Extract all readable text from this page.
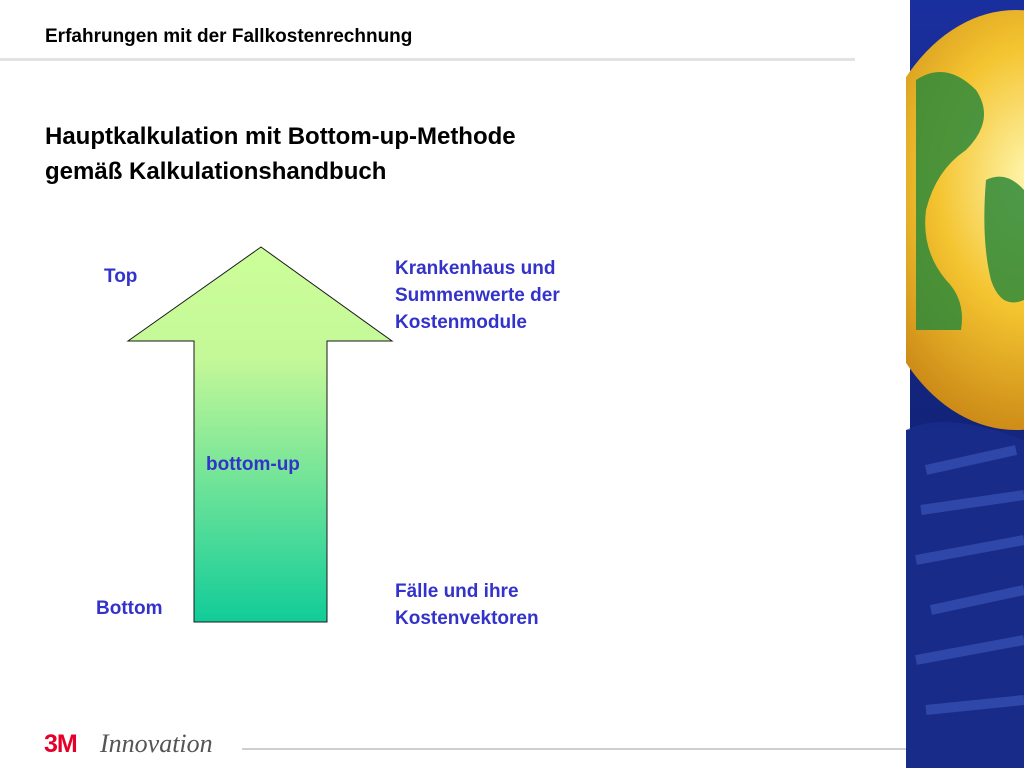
Erfahrungen mit der Fallkostenrechnung
Hauptkalkulation mit Bottom-up-Methode
gemäß Kalkulationshandbuch
bottom-up
Top
Bottom
Krankenhaus und
Summenwerte der
Kostenmodule
Fälle und ihre
Kostenvektoren
3M Innovation
